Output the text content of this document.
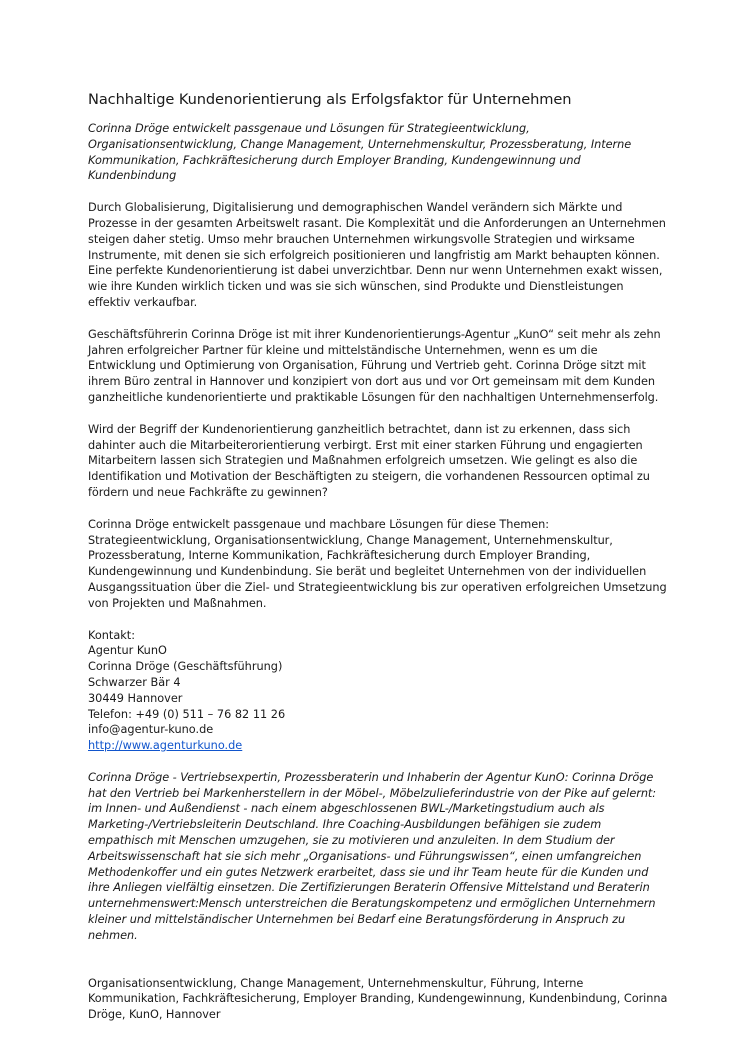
Nachhaltige Kundenorientierung als Erfolgsfaktor für Unternehmen

Corinna Dröge entwickelt passgenaue und Lösungen für Strategieentwicklung, Organisationsentwicklung, Change Management, Unternehmenskultur, Prozessberatung, Interne Kommunikation, Fachkräftesicherung durch Employer Branding, Kundengewinnung und Kundenbindung

Durch Globalisierung, Digitalisierung und demographischen Wandel verändern sich Märkte und Prozesse in der gesamten Arbeitswelt rasant. Die Komplexität und die Anforderungen an Unternehmen steigen daher stetig. Umso mehr brauchen Unternehmen wirkungsvolle Strategien und wirksame Instrumente, mit denen sie sich erfolgreich positionieren und langfristig am Markt behaupten können. Eine perfekte Kundenorientierung ist dabei unverzichtbar. Denn nur wenn Unternehmen exakt wissen, wie ihre Kunden wirklich ticken und was sie sich wünschen, sind Produkte und Dienstleistungen effektiv verkaufbar.

Geschäftsführerin Corinna Dröge ist mit ihrer Kundenorientierungs-Agentur „KunO“ seit mehr als zehn Jahren erfolgreicher Partner für kleine und mittelständische Unternehmen, wenn es um die Entwicklung und Optimierung von Organisation, Führung und Vertrieb geht. Corinna Dröge sitzt mit ihrem Büro zentral in Hannover und konzipiert von dort aus und vor Ort gemeinsam mit dem Kunden ganzheitliche kundenorientierte und praktikable Lösungen für den nachhaltigen Unternehmenserfolg.

Wird der Begriff der Kundenorientierung ganzheitlich betrachtet, dann ist zu erkennen, dass sich dahinter auch die Mitarbeiterorientierung verbirgt. Erst mit einer starken Führung und engagierten Mitarbeitern lassen sich Strategien und Maßnahmen erfolgreich umsetzen. Wie gelingt es also die Identifikation und Motivation der Beschäftigten zu steigern, die vorhandenen Ressourcen optimal zu fördern und neue Fachkräfte zu gewinnen?

Corinna Dröge entwickelt passgenaue und machbare Lösungen für diese Themen: Strategieentwicklung, Organisationsentwicklung, Change Management, Unternehmenskultur, Prozessberatung, Interne Kommunikation, Fachkräftesicherung durch Employer Branding, Kundengewinnung und Kundenbindung. Sie berät und begleitet Unternehmen von der individuellen Ausgangssituation über die Ziel- und Strategieentwicklung bis zur operativen erfolgreichen Umsetzung von Projekten und Maßnahmen.

Kontakt:
Agentur KunO
Corinna Dröge (Geschäftsführung)
Schwarzer Bär 4
30449 Hannover
Telefon: +49 (0) 511 – 76 82 11 26
info@agentur-kuno.de
http://www.agenturkuno.de

Corinna Dröge - Vertriebsexpertin, Prozessberaterin und Inhaberin der Agentur KunO: Corinna Dröge hat den Vertrieb bei Markenherstellern in der Möbel-, Möbelzulieferindustrie von der Pike auf gelernt: im Innen- und Außendienst - nach einem abgeschlossenen BWL-/Marketingstudium auch als Marketing-/Vertriebsleiterin Deutschland. Ihre Coaching-Ausbildungen befähigen sie zudem empathisch mit Menschen umzugehen, sie zu motivieren und anzuleiten. In dem Studium der Arbeitswissenschaft hat sie sich mehr „Organisations- und Führungswissen“, einen umfangreichen Methodenkoffer und ein gutes Netzwerk erarbeitet, dass sie und ihr Team heute für die Kunden und ihre Anliegen vielfältig einsetzen. Die Zertifizierungen Beraterin Offensive Mittelstand und Beraterin unternehmenswert:Mensch unterstreichen die Beratungskompetenz und ermöglichen Unternehmern kleiner und mittelständischer Unternehmen bei Bedarf eine Beratungsförderung in Anspruch zu nehmen.

Organisationsentwicklung, Change Management, Unternehmenskultur, Führung, Interne Kommunikation, Fachkräftesicherung, Employer Branding, Kundengewinnung, Kundenbindung, Corinna Dröge, KunO, Hannover
